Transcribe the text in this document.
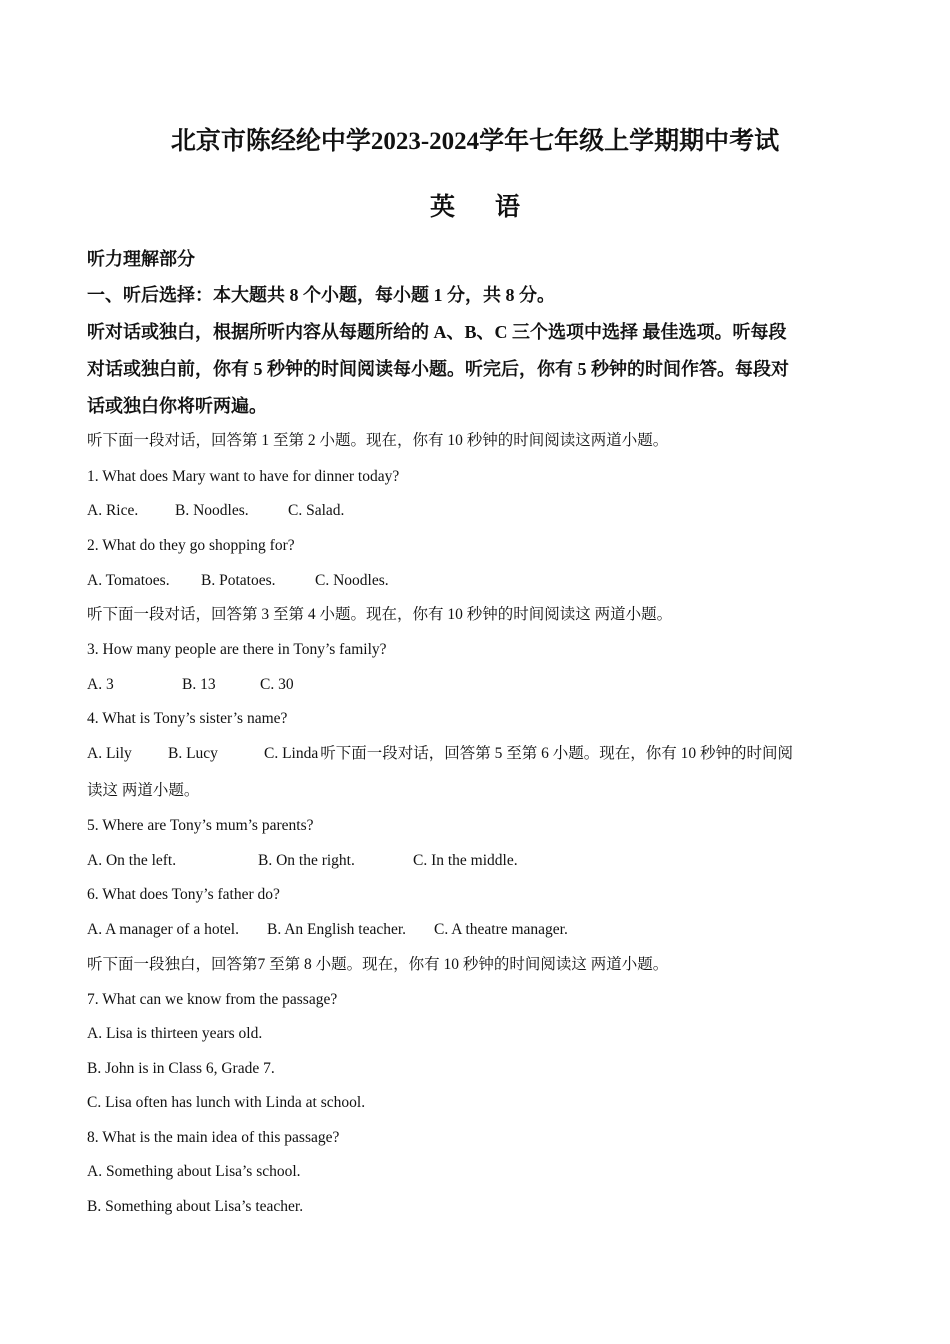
北京市陈经纶中学2023-2024学年七年级上学期期中考试
英语
听力理解部分
一、听后选择：本大题共 8 个小题，每小题 1 分，共 8 分。
听对话或独白，根据所听内容从每题所给的 A、B、C 三个选项中选择 最佳选项。听每段
对话或独白前，你有 5 秒钟的时间阅读每小题。听完后，你有 5 秒钟的时间作答。每段对
话或独白你将听两遍。
听下面一段对话，回答第 1 至第 2 小题。现在，你有 10 秒钟的时间阅读这两道小题。
1. What does Mary want to have for dinner today?
A. Rice. B. Noodles.	C. Salad.
2. What do they go shopping for?
A. Tomatoes. B. Potatoes.	C. Noodles.
听下面一段对话，回答第 3 至第 4 小题。现在，你有 10 秒钟的时间阅读这 两道小题。
3. How many people are there in Tony’s family?
A. 3	B. 13	C. 30
4. What is Tony’s sister’s name?
A. Lily B. Lucy	C. Linda 听下面一段对话，回答第 5 至第 6 小题。现在，你有 10 秒钟的时间阅
读这 两道小题。
5. Where are Tony’s mum’s parents?
A. On the left.	B. On the right.	C. In the middle.
6. What does Tony’s father do?
A. A manager of a hotel. B. An English teacher. C. A theatre manager.
听下面一段独白，回答第7 至第 8 小题。现在，你有 10 秒钟的时间阅读这 两道小题。
7. What can we know from the passage?
A. Lisa is thirteen years old.
B. John is in Class 6, Grade 7.
C. Lisa often has lunch with Linda at school.
8. What is the main idea of this passage?
A. Something about Lisa’s school.
B. Something about Lisa’s teacher.
